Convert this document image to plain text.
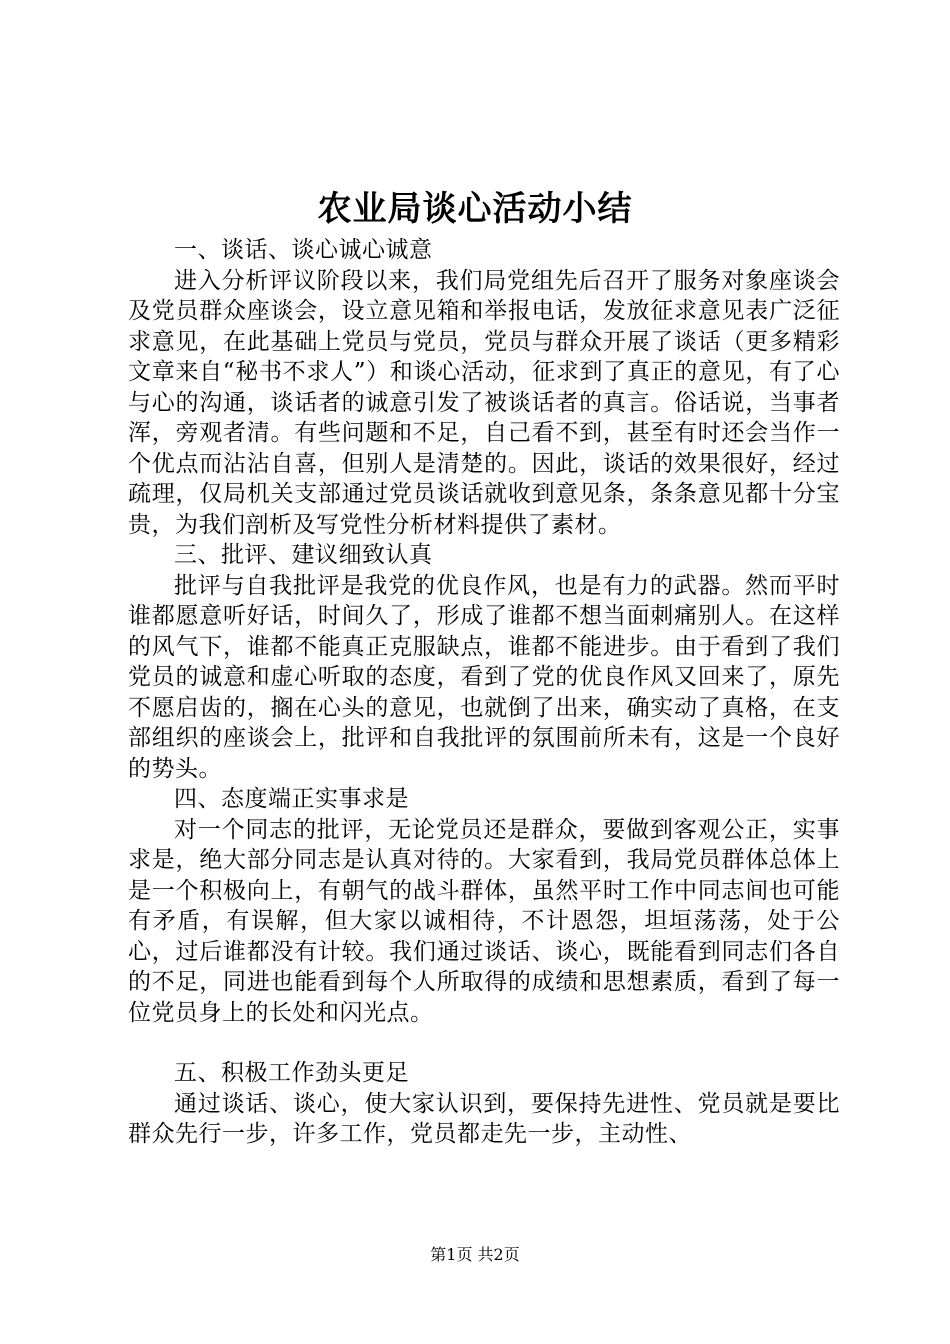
农业局谈心活动小结

一、谈话、谈心诚心诚意

进入分析评议阶段以来，我们局党组先后召开了服务对象座谈会及党员群众座谈会，设立意见箱和举报电话，发放征求意见表广泛征求意见，在此基础上党员与党员，党员与群众开展了谈话（更多精彩文章来自“秘书不求人”）和谈心活动，征求到了真正的意见，有了心与心的沟通，谈话者的诚意引发了被谈话者的真言。俗话说，当事者浑，旁观者清。有些问题和不足，自己看不到，甚至有时还会当作一个优点而沾沾自喜，但别人是清楚的。因此，谈话的效果很好，经过疏理，仅局机关支部通过党员谈话就收到意见条，条条意见都十分宝贵，为我们剖析及写党性分析材料提供了素材。

三、批评、建议细致认真

批评与自我批评是我党的优良作风，也是有力的武器。然而平时谁都愿意听好话，时间久了，形成了谁都不想当面刺痛别人。在这样的风气下，谁都不能真正克服缺点，谁都不能进步。由于看到了我们党员的诚意和虚心听取的态度，看到了党的优良作风又回来了，原先不愿启齿的，搁在心头的意见，也就倒了出来，确实动了真格，在支部组织的座谈会上，批评和自我批评的氛围前所未有，这是一个良好的势头。

四、态度端正实事求是

对一个同志的批评，无论党员还是群众，要做到客观公正，实事求是，绝大部分同志是认真对待的。大家看到，我局党员群体总体上是一个积极向上，有朝气的战斗群体，虽然平时工作中同志间也可能有矛盾，有误解，但大家以诚相待，不计恩怨，坦垣荡荡，处于公心，过后谁都没有计较。我们通过谈话、谈心，既能看到同志们各自的不足，同进也能看到每个人所取得的成绩和思想素质，看到了每一位党员身上的长处和闪光点。

五、积极工作劲头更足

通过谈话、谈心，使大家认识到，要保持先进性、党员就是要比群众先行一步，许多工作，党员都走先一步，主动性、

第1页 共2页
